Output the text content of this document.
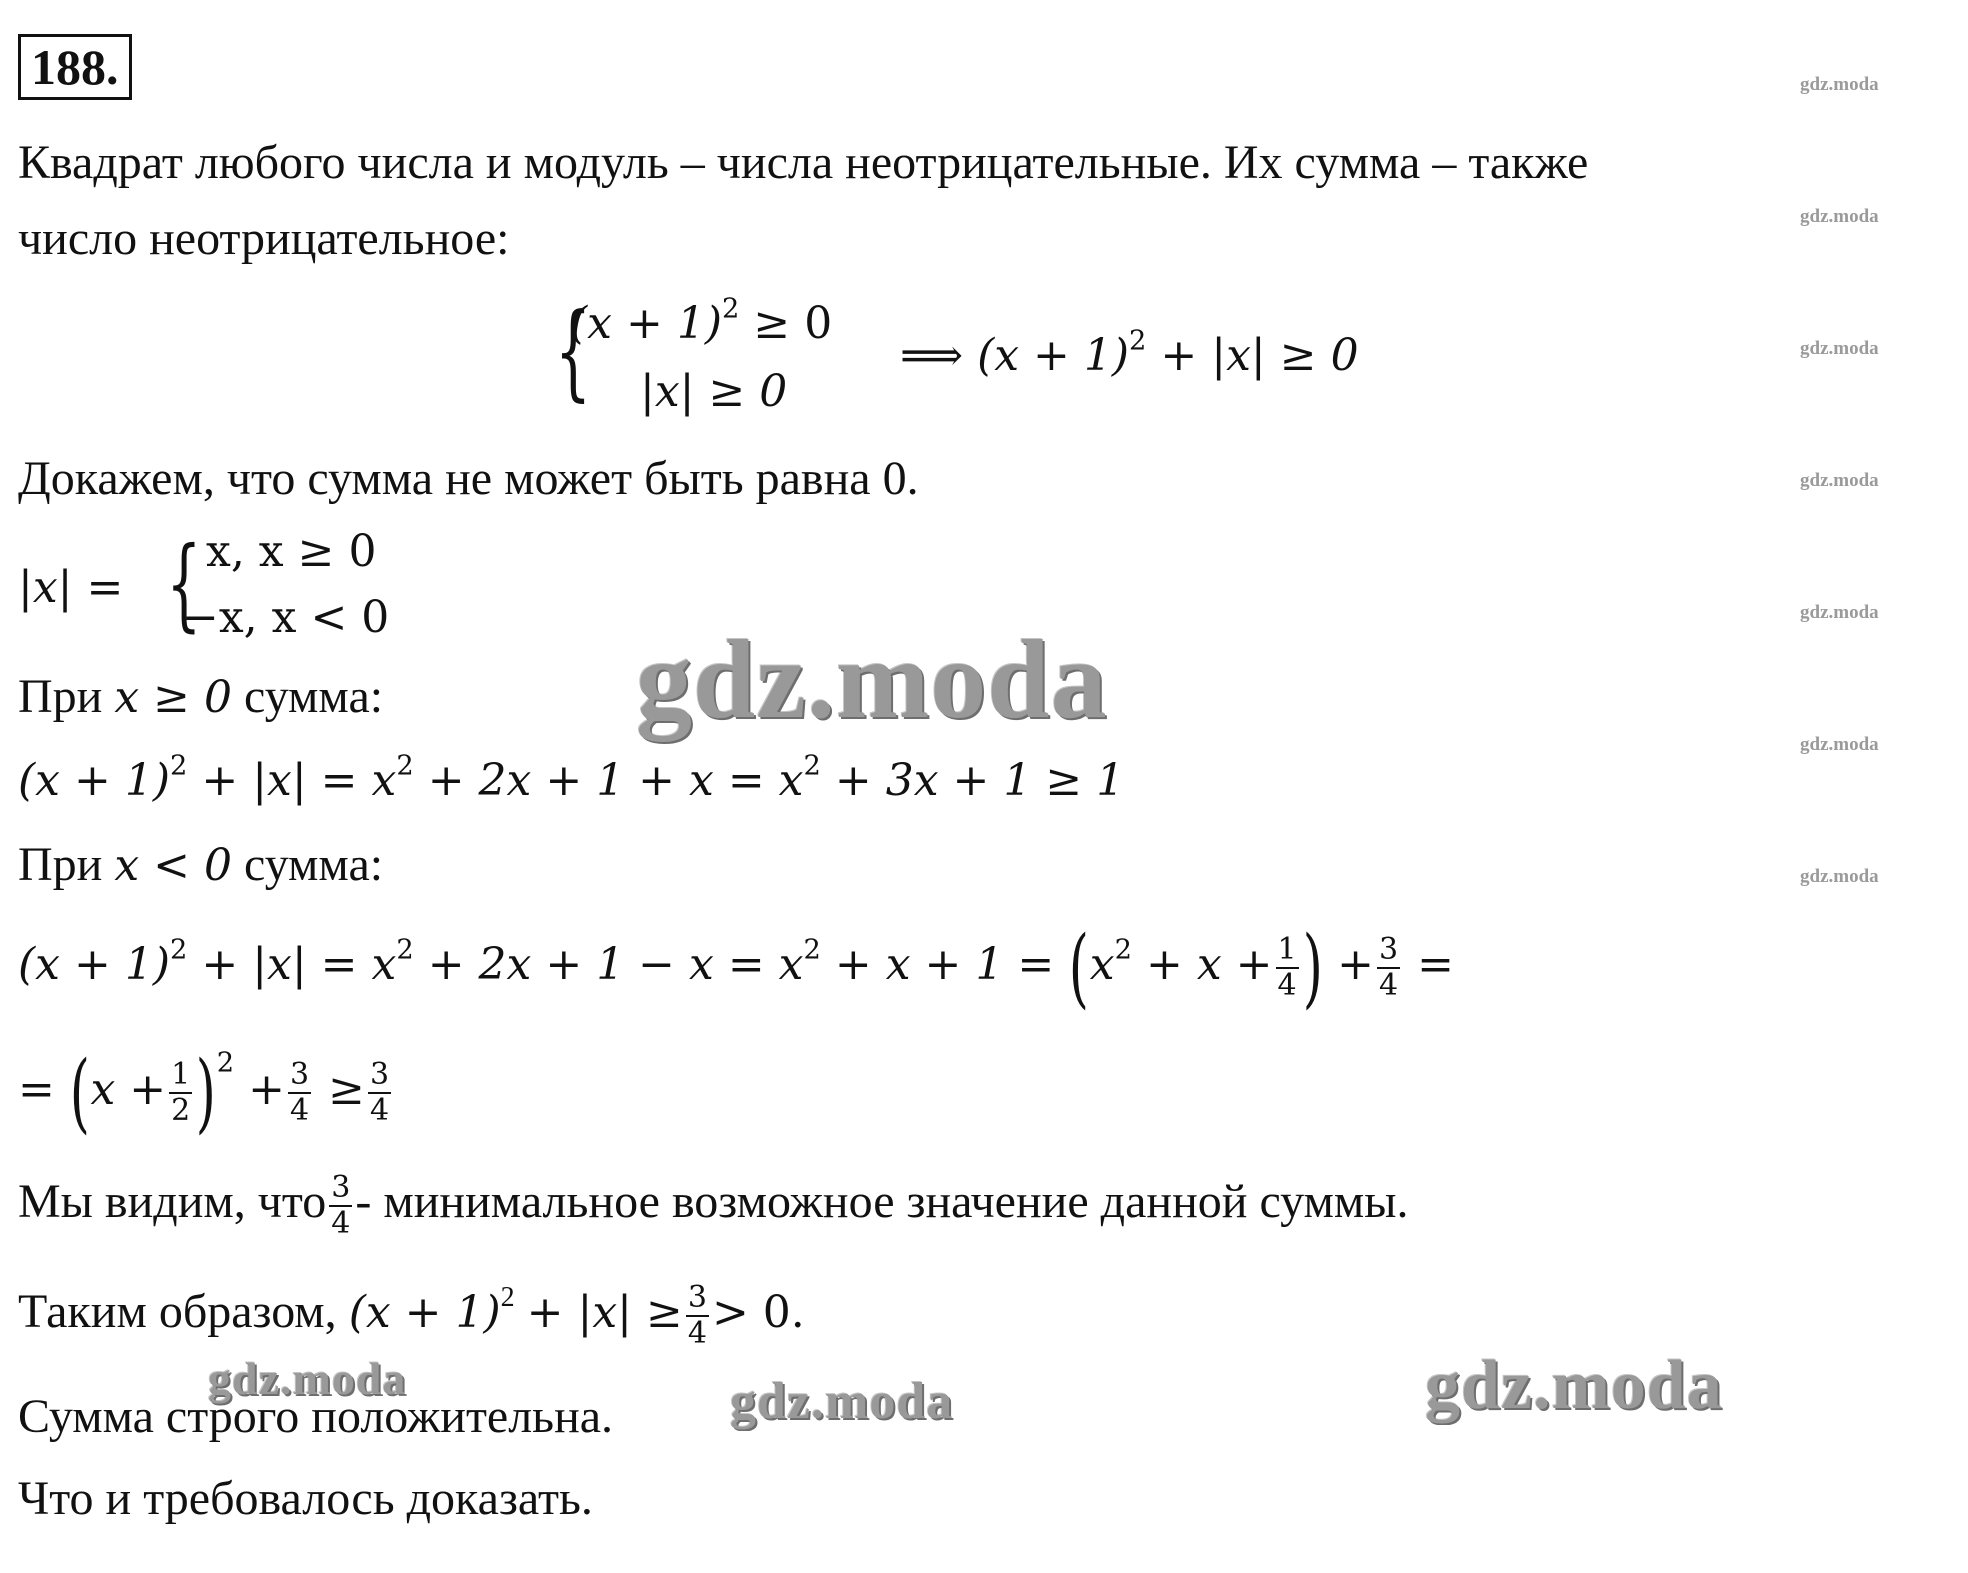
188.
Квадрат любого числа и модуль – числа неотрицательные. Их сумма – также
число неотрицательное:
{
$(x + 1)^2 \ge 0$
|x| ≥ 0
⟹ $(x + 1)^2 + |x| \ge 0$
Докажем, что сумма не может быть равна 0.
|x| = { x, x ≥ 0
−x, x < 0
При x ≥ 0 сумма:
$(x + 1)^2 + |x| = x^2 + 2x + 1 + x = x^2 + 3x + 1 \ge 1$
При x < 0 сумма:
$(x + 1)^2 + |x| = x^2 + 2x + 1 - x = x^2 + x + 1 = (x^2 + x + \frac{1}{4}$ ) + $\frac{3}{4}$ =
= $(x + \frac{1}{2} )^2 + \frac{3}{4} \ge \frac{3}{4}$
Мы видим, что $\frac{3}{4}$ - минимальное возможное значение данной суммы.
Таким образом, $(x + 1)^2 + |x| \ge \frac{3}{4} > 0$.
Сумма строго положительна.
Что и требовалось доказать.
gdz.moda
gdz.moda
gdz.moda
gdz.moda
gdz.moda
gdz.moda
gdz.moda
gdz.moda
gdz.moda	gdz.moda	gdz.moda
